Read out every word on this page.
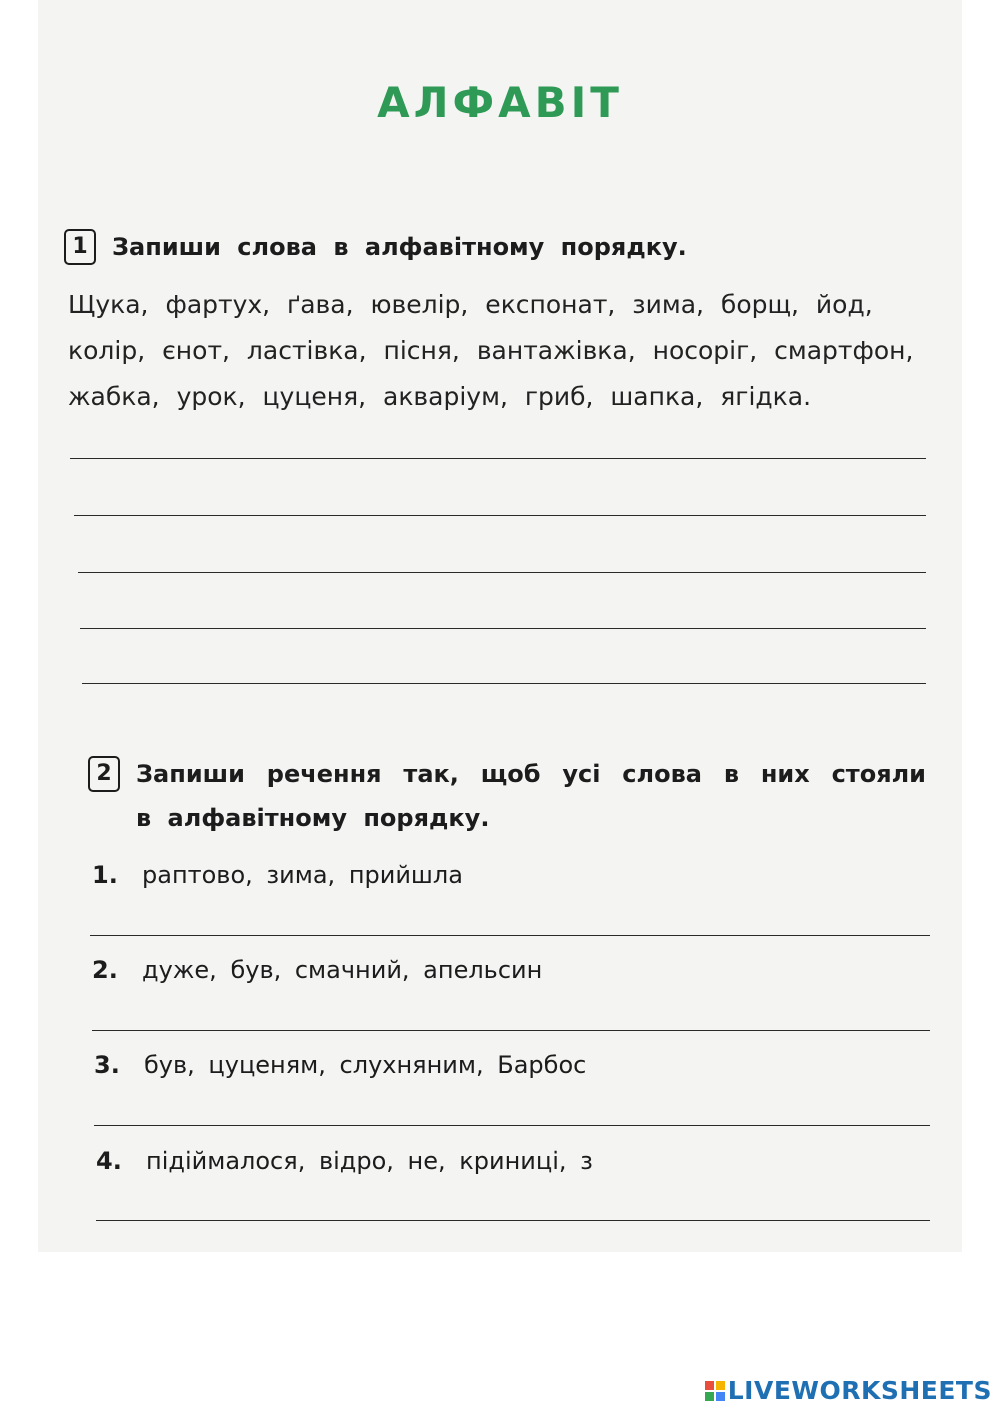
АЛФАВІТ
1	Запиши слова в алфавітному порядку.
Щука, фартух, ґава, ювелір, експонат, зима, борщ, йод,
колір, єнот, ластівка, пісня, вантажівка, носоріг, смартфон,
жабка, урок, цуценя, акваріум, гриб, шапка, ягідка.
2	Запиши речення так, щоб усі слова в них стояли
в алфавітному порядку.
1.	раптово, зима, прийшла
2.	дуже, був, смачний, апельсин
3.	був, цуценям, слухняним, Барбос
4.	підіймалося, відро, не, криниці, з
LIVEWORKSHEETS
